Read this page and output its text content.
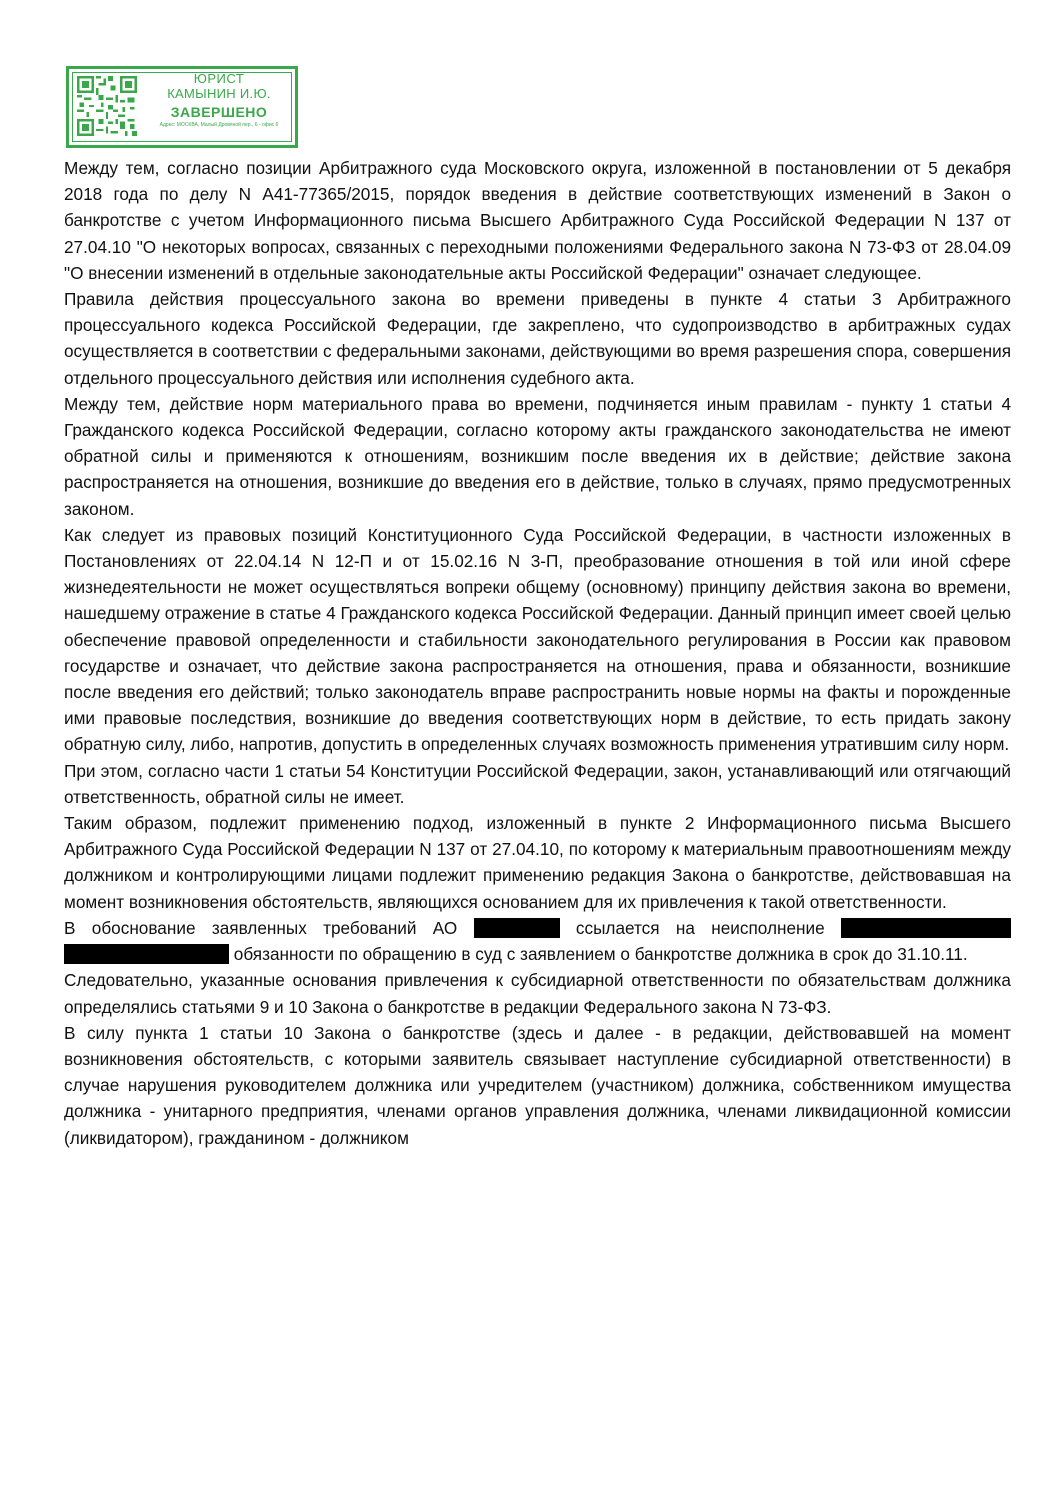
ЮРИСТ
КАМЫНИН И.Ю.
ЗАВЕРШЕНО
Адрес: МОСКВА, Малый Дровяной пер., 6 - офис 6

Между тем, согласно позиции Арбитражного суда Московского округа, изложенной в постановлении от 5 декабря 2018 года по делу N А41-77365/2015, порядок введения в действие соответствующих изменений в Закон о банкротстве с учетом Информационного письма Высшего Арбитражного Суда Российской Федерации N 137 от 27.04.10 "О некоторых вопросах, связанных с переходными положениями Федерального закона N 73-ФЗ от 28.04.09 "О внесении изменений в отдельные законодательные акты Российской Федерации" означает следующее.

Правила действия процессуального закона во времени приведены в пункте 4 статьи 3 Арбитражного процессуального кодекса Российской Федерации, где закреплено, что судопроизводство в арбитражных судах осуществляется в соответствии с федеральными законами, действующими во время разрешения спора, совершения отдельного процессуального действия или исполнения судебного акта.

Между тем, действие норм материального права во времени, подчиняется иным правилам - пункту 1 статьи 4 Гражданского кодекса Российской Федерации, согласно которому акты гражданского законодательства не имеют обратной силы и применяются к отношениям, возникшим после введения их в действие; действие закона распространяется на отношения, возникшие до введения его в действие, только в случаях, прямо предусмотренных законом.

Как следует из правовых позиций Конституционного Суда Российской Федерации, в частности изложенных в Постановлениях от 22.04.14 N 12-П и от 15.02.16 N 3-П, преобразование отношения в той или иной сфере жизнедеятельности не может осуществляться вопреки общему (основному) принципу действия закона во времени, нашедшему отражение в статье 4 Гражданского кодекса Российской Федерации. Данный принцип имеет своей целью обеспечение правовой определенности и стабильности законодательного регулирования в России как правовом государстве и означает, что действие закона распространяется на отношения, права и обязанности, возникшие после введения его действий; только законодатель вправе распространить новые нормы на факты и порожденные ими правовые последствия, возникшие до введения соответствующих норм в действие, то есть придать закону обратную силу, либо, напротив, допустить в определенных случаях возможность применения утратившим силу норм.

При этом, согласно части 1 статьи 54 Конституции Российской Федерации, закон, устанавливающий или отягчающий ответственность, обратной силы не имеет.

Таким образом, подлежит применению подход, изложенный в пункте 2 Информационного письма Высшего Арбитражного Суда Российской Федерации N 137 от 27.04.10, по которому к материальным правоотношениям между должником и контролирующими лицами подлежит применению редакция Закона о банкротстве, действовавшая на момент возникновения обстоятельств, являющихся основанием для их привлечения к такой ответственности.

В обоснование заявленных требований АО	ссылается на неисполнение   обязанности по обращению в суд с заявлением о банкротстве должника в срок до 31.10.11.

Следовательно, указанные основания привлечения к субсидиарной ответственности по обязательствам должника определялись статьями 9 и 10 Закона о банкротстве в редакции Федерального закона N 73-ФЗ.

В силу пункта 1 статьи 10 Закона о банкротстве (здесь и далее - в редакции, действовавшей на момент возникновения обстоятельств, с которыми заявитель связывает наступление субсидиарной ответственности) в случае нарушения руководителем должника или учредителем (участником) должника, собственником имущества должника - унитарного предприятия, членами органов управления должника, членами ликвидационной комиссии (ликвидатором), гражданином - должником
